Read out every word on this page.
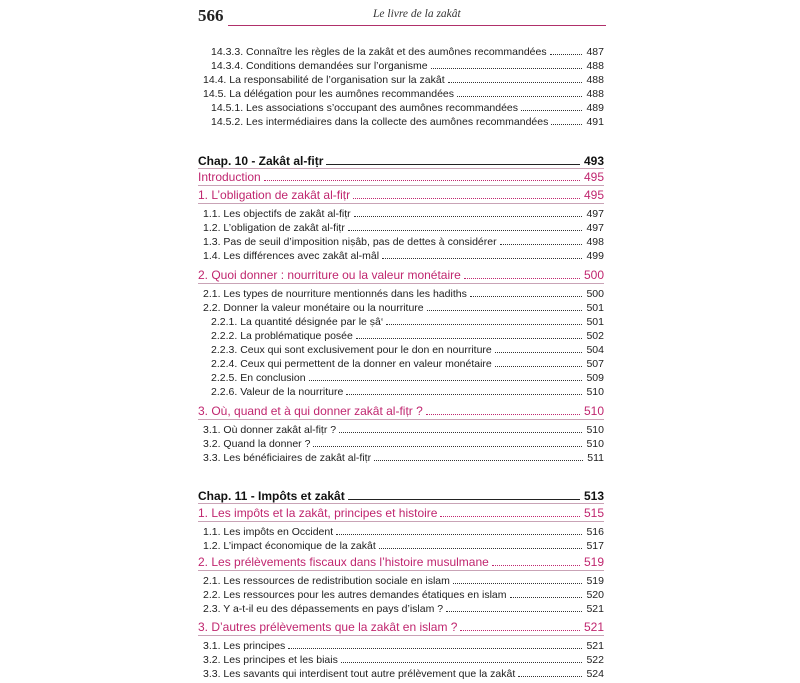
566	Le livre de la zakât
14.3.3. Connaître les règles de la zakât et des aumônes recommandées	487
14.3.4. Conditions demandées sur l’organisme	488
14.4. La responsabilité de l’organisation sur la zakât	488
14.5. La délégation pour les aumônes recommandées	488
14.5.1. Les associations s’occupant des aumônes recommandées	489
14.5.2. Les intermédiaires dans la collecte des aumônes recommandées	491
Chap. 10 - Zakât al-fiṭr	493
Introduction	495
1. L’obligation de zakât al-fiṭr	495
1.1. Les objectifs de zakât al-fiṭr	497
1.2. L’obligation de zakât al-fiṭr	497
1.3. Pas de seuil d’imposition niṣâb, pas de dettes à considérer	498
1.4. Les différences avec zakât al-mâl	499
2. Quoi donner : nourriture ou la valeur monétaire	500
2.1. Les types de nourriture mentionnés dans les hadiths	500
2.2. Donner la valeur monétaire ou la nourriture	501
2.2.1. La quantité désignée par le ṣâ‘	501
2.2.2. La problématique posée	502
2.2.3. Ceux qui sont exclusivement pour le don en nourriture	504
2.2.4. Ceux qui permettent de la donner en valeur monétaire	507
2.2.5. En conclusion	509
2.2.6. Valeur de la nourriture	510
3. Où, quand et à qui donner zakât al-fiṭr ?	510
3.1. Où donner zakât al-fiṭr ?	510
3.2. Quand la donner ?	510
3.3. Les bénéficiaires de zakât al-fiṭr	511
Chap. 11 - Impôts et zakât	513
1. Les impôts et la zakât, principes et histoire	515
1.1. Les impôts en Occident	516
1.2. L’impact économique de la zakât	517
2. Les prélèvements fiscaux dans l’histoire musulmane	519
2.1. Les ressources de redistribution sociale en islam	519
2.2. Les ressources pour les autres demandes étatiques en islam	520
2.3. Y a-t-il eu des dépassements en pays d’islam ?	521
3. D’autres prélèvements que la zakât en islam ?	521
3.1. Les principes	521
3.2. Les principes et les biais	522
3.3. Les savants qui interdisent tout autre prélèvement que la zakât	524
